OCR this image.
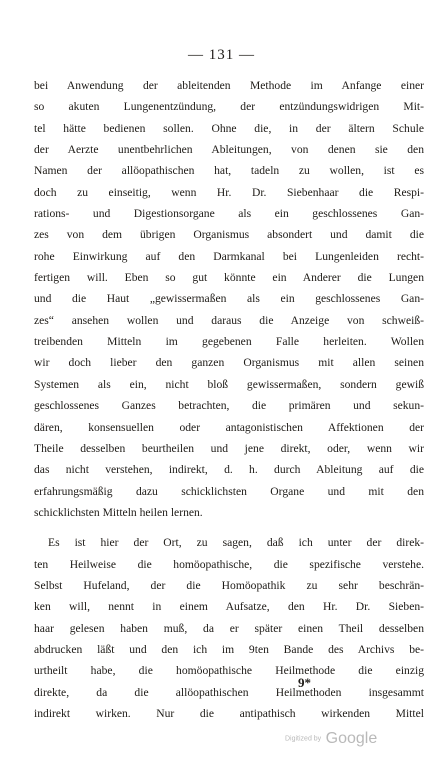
— 131 —
bei Anwendung der ableitenden Methode im Anfange einer
so akuten Lungenentzündung, der entzündungswidrigen Mit-
tel hätte bedienen sollen. Ohne die, in der ältern Schule
der Aerzte unentbehrlichen Ableitungen, von denen sie den
Namen der allöopathischen hat, tadeln zu wollen, ist es
doch zu einseitig, wenn Hr. Dr. Siebenhaar die Respi-
rations- und Digestionsorgane als ein geschlossenes Gan-
zes von dem übrigen Organismus absondert und damit die
rohe Einwirkung auf den Darmkanal bei Lungenleiden recht-
fertigen will. Eben so gut könnte ein Anderer die Lungen
und die Haut „gewissermaßen als ein geschlossenes Gan-
zes“ ansehen wollen und daraus die Anzeige von schweiß-
treibenden Mitteln im gegebenen Falle herleiten. Wollen
wir doch lieber den ganzen Organismus mit allen seinen
Systemen als ein, nicht bloß gewissermaßen, sondern gewiß
geschlossenes Ganzes betrachten, die primären und sekun-
dären, konsensuellen oder antagonistischen Affektionen der
Theile desselben beurtheilen und jene direkt, oder, wenn wir
das nicht verstehen, indirekt, d. h. durch Ableitung auf die
erfahrungsmäßig dazu schicklichsten Organe und mit den
schicklichsten Mitteln heilen lernen.
Es ist hier der Ort, zu sagen, daß ich unter der direk-
ten Heilweise die homöopathische, die spezifische verstehe.
Selbst Hufeland, der die Homöopathik zu sehr beschrän-
ken will, nennt in einem Aufsatze, den Hr. Dr. Sieben-
haar gelesen haben muß, da er später einen Theil desselben
abdrucken läßt und den ich im 9ten Bande des Archivs be-
urtheilt habe, die homöopathische Heilmethode die einzig
direkte, da die allöopathischen Heilmethoden insgesammt
indirekt wirken. Nur die antipathisch wirkenden Mittel
9*
Digitized by Google
